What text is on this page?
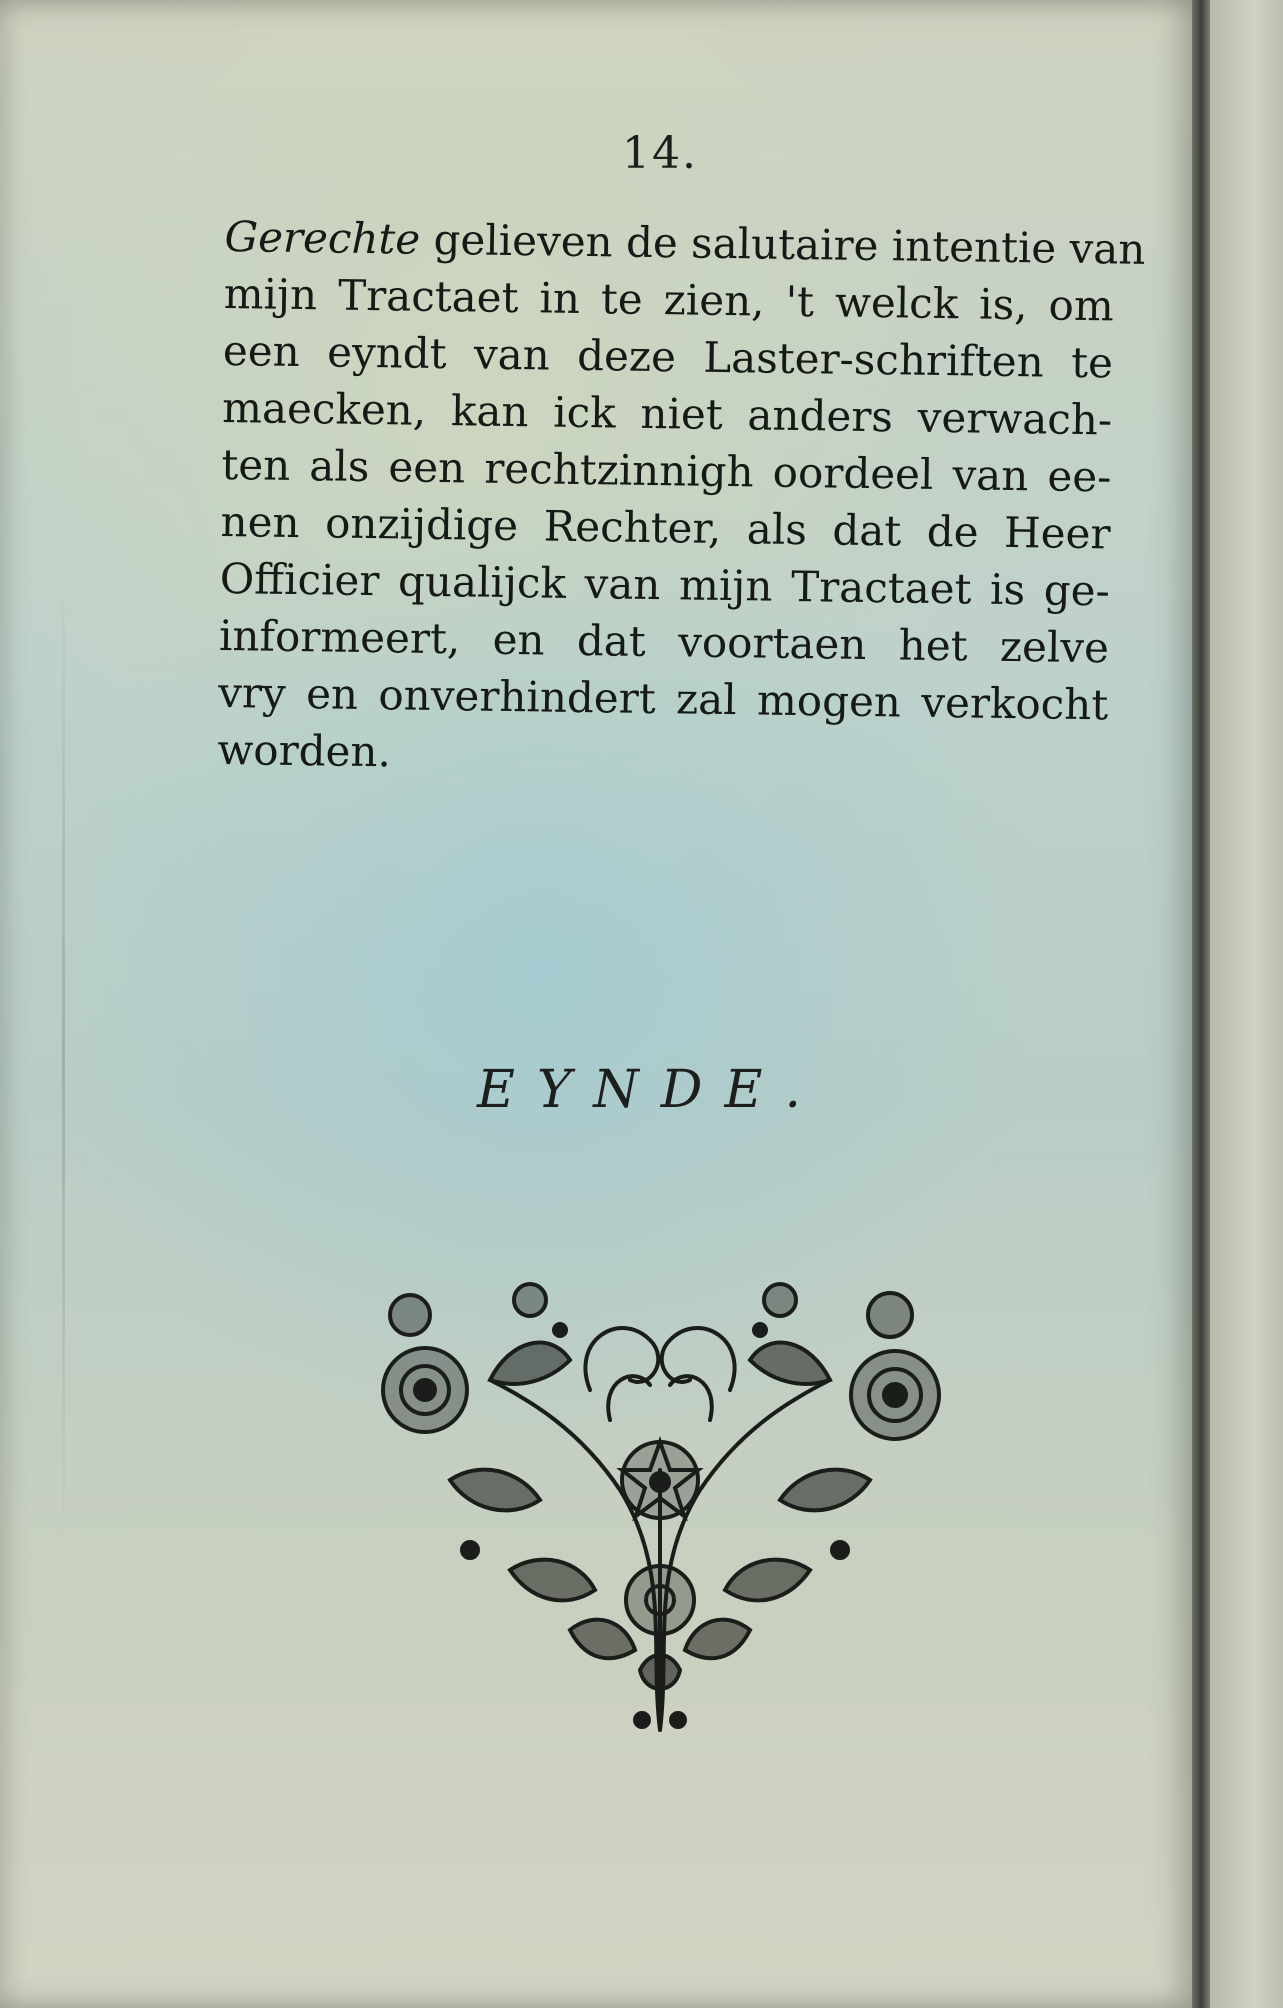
14.
Gerechte gelieven de salutaire intentie van
mijn Tractaet in te zien, 't welck is, om
een eyndt van deze Laster-schriften te
maecken, kan ick niet anders verwach-
ten als een rechtzinnigh oordeel van ee-
nen onzijdige Rechter, als dat de Heer
Officier qualijck van mijn Tractaet is ge-
informeert, en dat voortaen het zelve
vry en onverhindert zal mogen verkocht
worden.
EYNDE.
